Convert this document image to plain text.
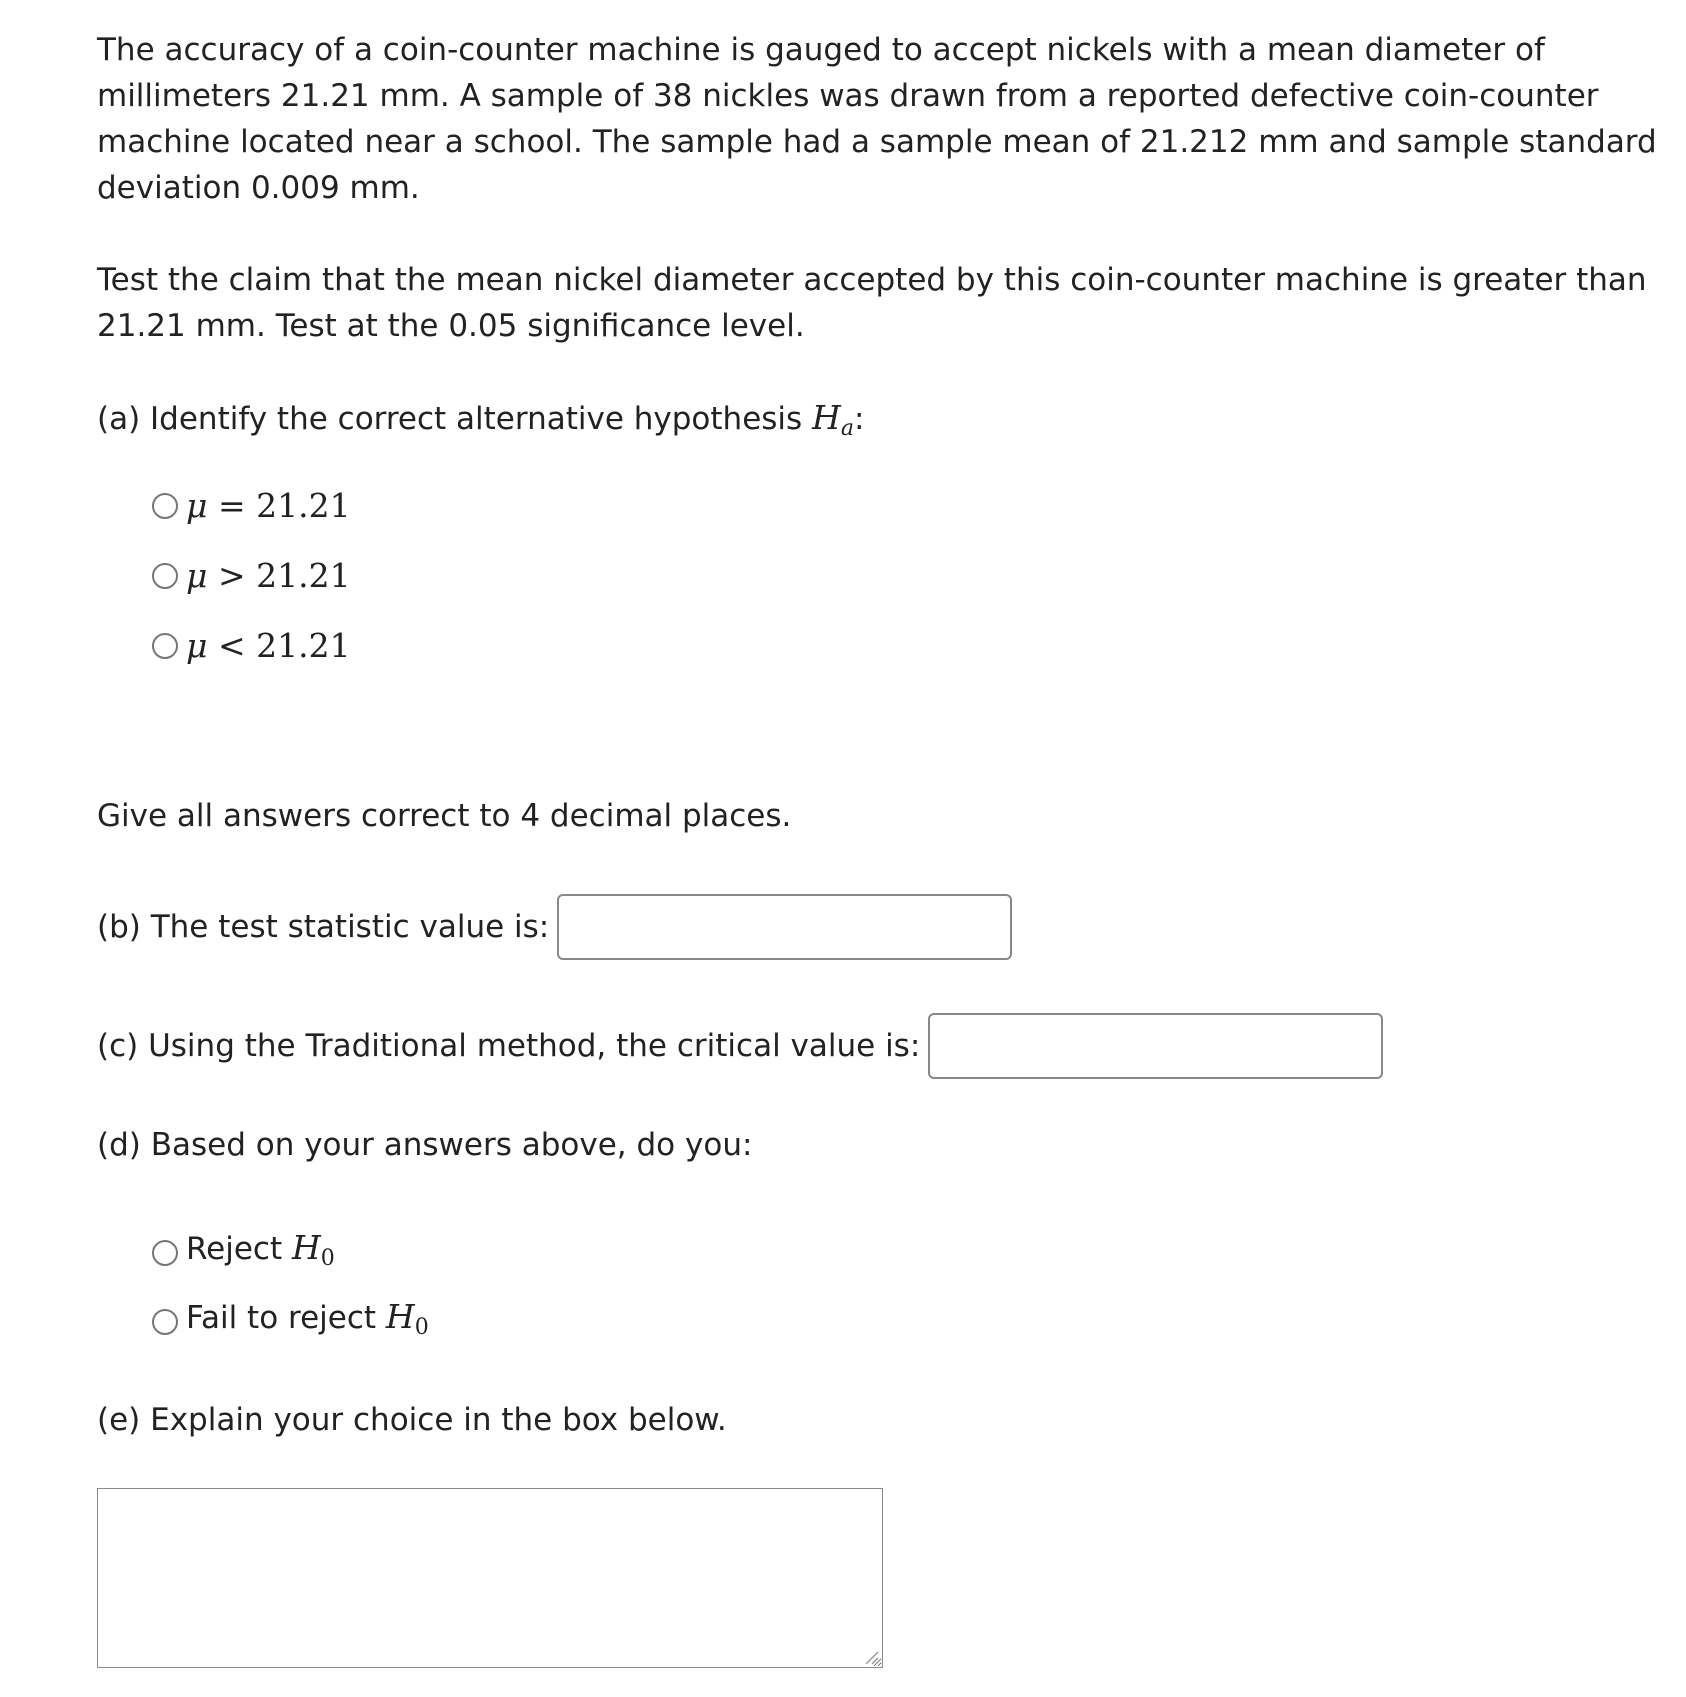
The accuracy of a coin-counter machine is gauged to accept nickels with a mean diameter of millimeters 21.21 mm. A sample of 38 nickles was drawn from a reported defective coin-counter machine located near a school. The sample had a sample mean of 21.212 mm and sample standard deviation 0.009 mm.

Test the claim that the mean nickel diameter accepted by this coin-counter machine is greater than 21.21 mm. Test at the 0.05 significance level.

(a) Identify the correct alternative hypothesis $H_a$:

μ = 21.21
μ > 21.21
μ < 21.21

Give all answers correct to 4 decimal places.

(b) The test statistic value is:
(c) Using the Traditional method, the critical value is:

(d) Based on your answers above, do you:

Reject H0
Fail to reject H0

(e) Explain your choice in the box below.
